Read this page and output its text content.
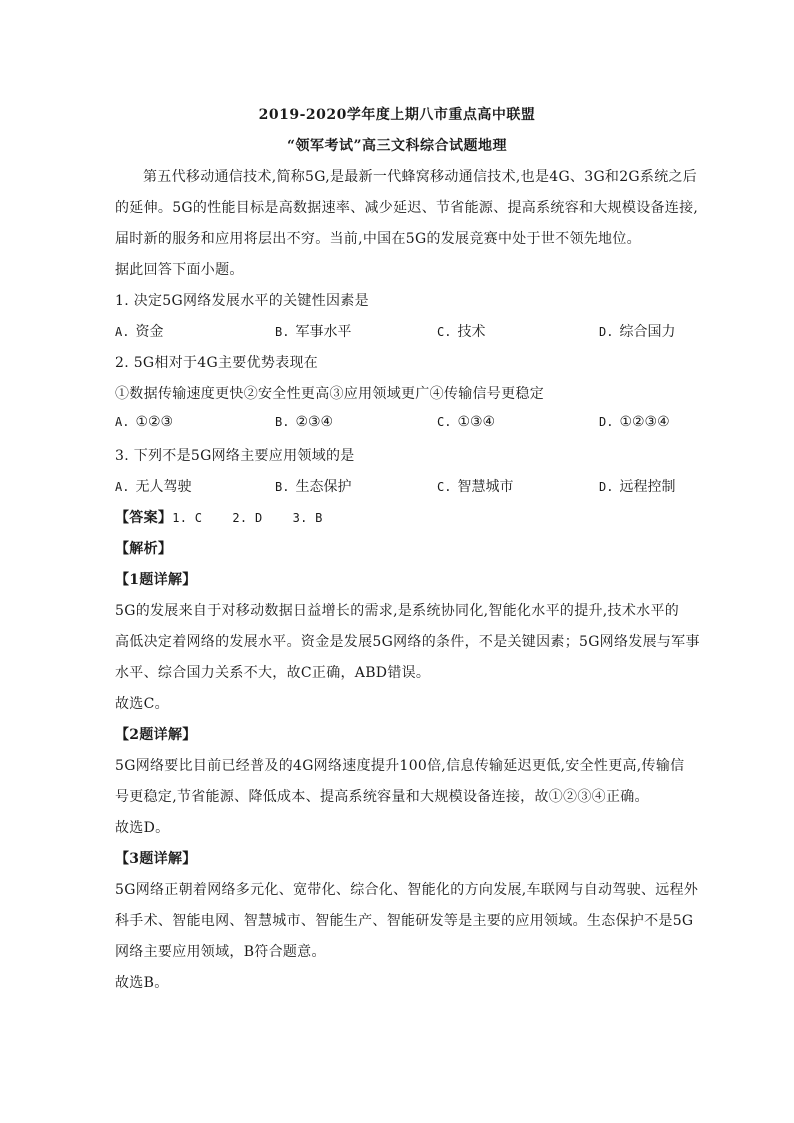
2019-2020学年度上期八市重点高中联盟
“领军考试”高三文科综合试题地理
第五代移动通信技术,简称5G,是最新一代蜂窝移动通信技术,也是4G、3G和2G系统之后
的延伸。5G的性能目标是高数据速率、减少延迟、节省能源、提高系统容和大规模设备连接,
届时新的服务和应用将层出不穷。当前,中国在5G的发展竞赛中处于世不领先地位。
据此回答下面小题。
1. 决定5G网络发展水平的关键性因素是
A. 资金	B. 军事水平	C. 技术	D. 综合国力
2. 5G相对于4G主要优势表现在
①数据传输速度更快②安全性更高③应用领域更广④传输信号更稳定
A. ①②③	B. ②③④	C. ①③④	D. ①②③④
3. 下列不是5G网络主要应用领域的是
A. 无人驾驶	B. 生态保护	C. 智慧城市	D. 远程控制
【答案】1. C    2. D    3. B
【解析】
【1题详解】
5G的发展来自于对移动数据日益增长的需求,是系统协同化,智能化水平的提升,技术水平的
高低决定着网络的发展水平。资金是发展5G网络的条件，不是关键因素；5G网络发展与军事
水平、综合国力关系不大，故C正确，ABD错误。
故选C。
【2题详解】
5G网络要比目前已经普及的4G网络速度提升100倍,信息传输延迟更低,安全性更高,传输信
号更稳定,节省能源、降低成本、提高系统容量和大规模设备连接，故①②③④正确。
故选D。
【3题详解】
5G网络正朝着网络多元化、宽带化、综合化、智能化的方向发展,车联网与自动驾驶、远程外
科手术、智能电网、智慧城市、智能生产、智能研发等是主要的应用领域。生态保护不是5G
网络主要应用领域，B符合题意。
故选B。
